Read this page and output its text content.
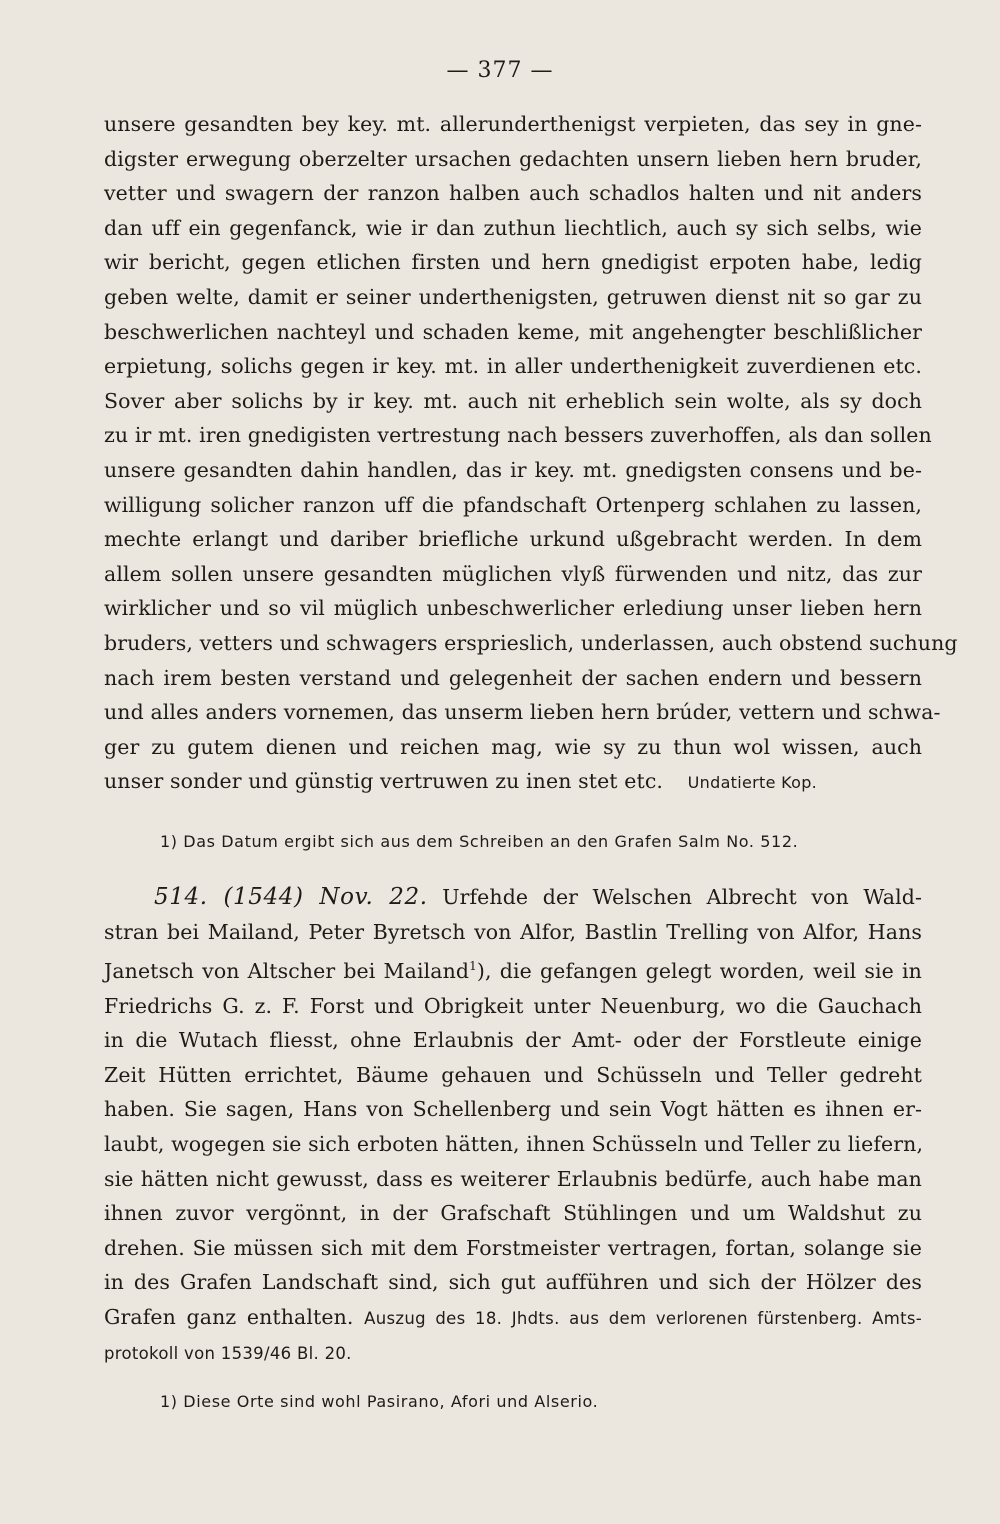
— 377 —
unsere gesandten bey key. mt. allerunderthenigst verpieten, das sey in gne-
digster erwegung oberzelter ursachen gedachten unsern lieben hern bruder,
vetter und swagern der ranzon halben auch schadlos halten und nit anders
dan uff ein gegenfanck, wie ir dan zuthun liechtlich, auch sy sich selbs, wie
wir bericht, gegen etlichen firsten und hern gnedigist erpoten habe, ledig
geben welte, damit er seiner underthenigsten, getruwen dienst nit so gar zu
beschwerlichen nachteyl und schaden keme, mit angehengter beschlißlicher
erpietung, solichs gegen ir key. mt. in aller underthenigkeit zuverdienen etc.
Sover aber solichs by ir key. mt. auch nit erheblich sein wolte, als sy doch
zu ir mt. iren gnedigisten vertrestung nach bessers zuverhoffen, als dan sollen
unsere gesandten dahin handlen, das ir key. mt. gnedigsten consens und be-
willigung solicher ranzon uff die pfandschaft Ortenperg schlahen zu lassen,
mechte erlangt und dariber briefliche urkund ußgebracht werden. In dem
allem sollen unsere gesandten müglichen vlyß fürwenden und nitz, das zur
wirklicher und so vil müglich unbeschwerlicher erlediung unser lieben hern
bruders, vetters und schwagers erspriеslich, underlassen, auch obstend suchung
nach irem besten verstand und gelegenheit der sachen endern und bessern
und alles anders vornemen, das unserm lieben hern brúder, vettern und schwa-
ger zu gutem dienen und reichen mag, wie sy zu thun wol wissen, auch
unser sonder und günstig vertruwen zu inen stet etc. Undatierte Kop.
1) Das Datum ergibt sich aus dem Schreiben an den Grafen Salm No. 512.
514. (1544) Nov. 22. Urfehde der Welschen Albrecht von Wald-
stran bei Mailand, Peter Byretsch von Alfor, Bastlin Trelling von Alfor, Hans
Janetsch von Altscher bei Mailand$^1$), die gefangen gelegt worden, weil sie in
Friedrichs G. z. F. Forst und Obrigkeit unter Neuenburg, wo die Gauchach
in die Wutach fliesst, ohne Erlaubnis der Amt- oder der Forstleute einige
Zeit Hütten errichtet, Bäume gehauen und Schüsseln und Teller gedreht
haben. Sie sagen, Hans von Schellenberg und sein Vogt hätten es ihnen er-
laubt, wogegen sie sich erboten hätten, ihnen Schüsseln und Teller zu liefern,
sie hätten nicht gewusst, dass es weiterer Erlaubnis bedürfe, auch habe man
ihnen zuvor vergönnt, in der Grafschaft Stühlingen und um Waldshut zu
drehen. Sie müssen sich mit dem Forstmeister vertragen, fortan, solange sie
in des Grafen Landschaft sind, sich gut aufführen und sich der Hölzer des
Grafen ganz enthalten. Auszug des 18. Jhdts. aus dem verlorenen fürstenberg. Amts-
protokoll von 1539/46 Bl. 20.
1) Diese Orte sind wohl Pasirano, Afori und Alserio.
